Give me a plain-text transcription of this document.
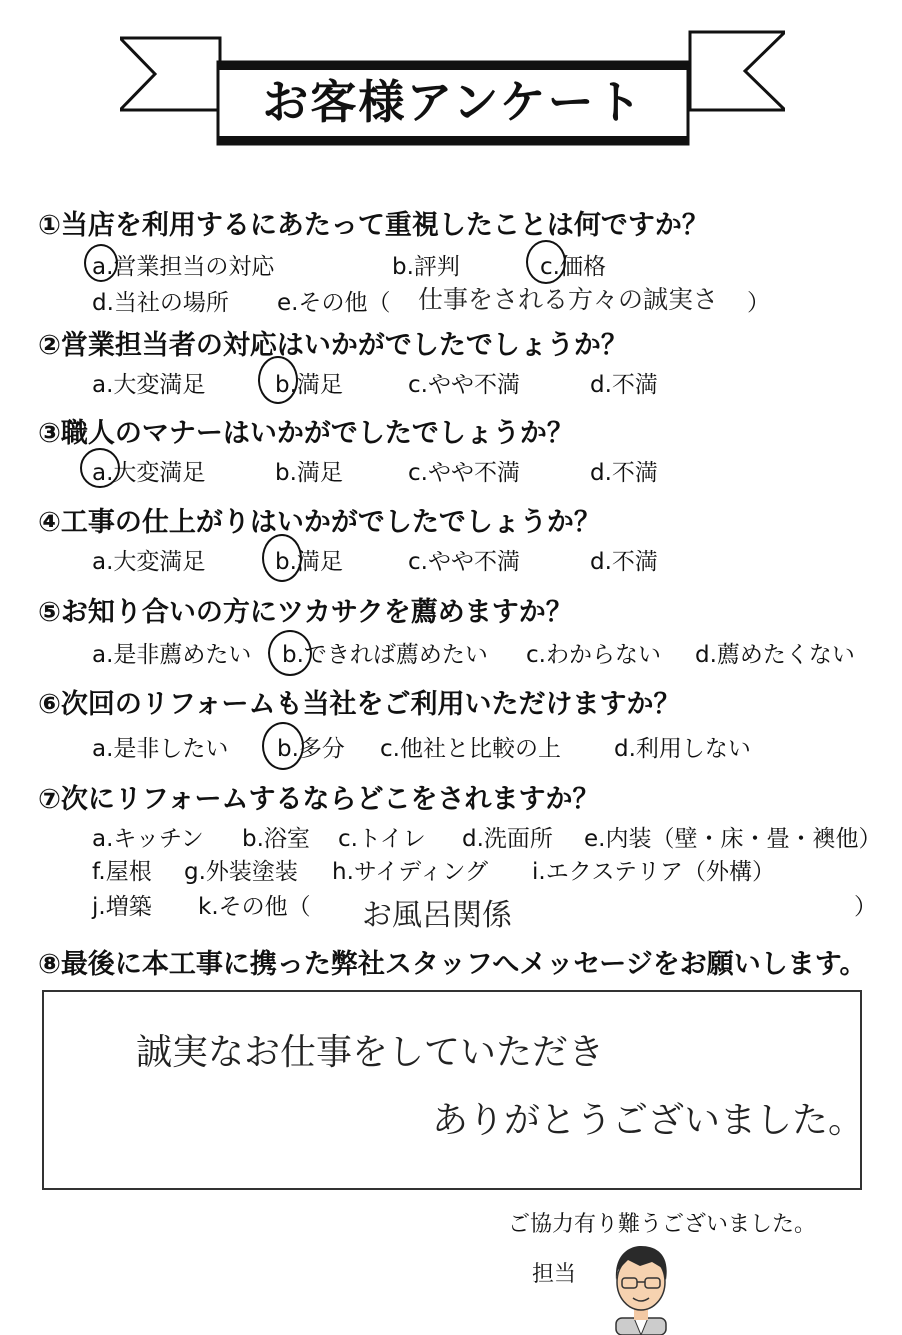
お客様アンケート
①当店を利用するにあたって重視したことは何ですか？
a.営業担当の対応	b.評判	c.価格
d.当社の場所 e.その他（	）
仕事をされる方々の誠実さ
②営業担当者の対応はいかがでしたでしょうか？
a.大変満足	b.満足	c.やや不満	d.不満
③職人のマナーはいかがでしたでしょうか？
a.大変満足	b.満足	c.やや不満	d.不満
④工事の仕上がりはいかがでしたでしょうか？
a.大変満足	b.満足	c.やや不満	d.不満
⑤お知り合いの方にツカサクを薦めますか？
a.是非薦めたい b.できれば薦めたい c.わからない d.薦めたくない
⑥次回のリフォームも当社をご利用いただけますか？
a.是非したい b.多分 c.他社と比較の上 d.利用しない
⑦次にリフォームするならどこをされますか？
a.キッチン b.浴室 c.トイレ d.洗面所 e.内装（壁・床・畳・襖他）
f.屋根 g.外装塗装 h.サイディング i.エクステリア（外構）
j.増築 k.その他（	）
お風呂関係
⑧最後に本工事に携った弊社スタッフへメッセージをお願いします。
誠実なお仕事をしていただき
ありがとうございました。
ご協力有り難うございました。
担当
